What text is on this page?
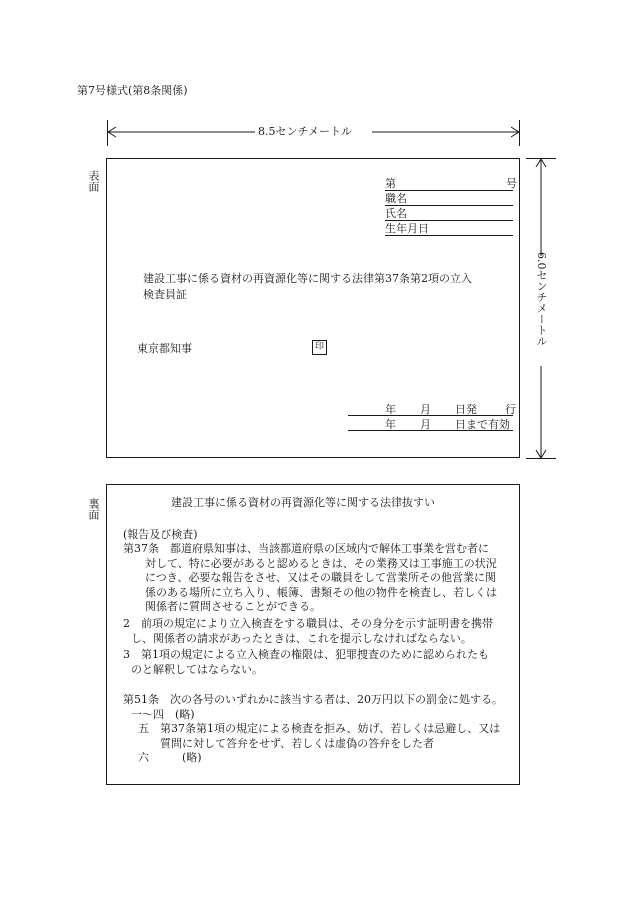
第7号様式(第8条関係)
8.5センチメートル
表面	第	号
職名
氏名
生年月日
建設工事に係る資材の再資源化等に関する法律第37条第2項の立入
検査員証
東京都知事	印
年 月 日発	行
年 月 日まで有効
6.0センチメートル
裏面	建設工事に係る資材の再資源化等に関する法律抜すい
(報告及び検査)
第37条　都道府県知事は、当該都道府県の区域内で解体工事業を営む者に
　対して、特に必要があると認めるときは、その業務又は工事施工の状況
　につき、必要な報告をさせ、又はその職員をして営業所その他営業に関
　係のある場所に立ち入り、帳簿、書類その他の物件を検査し、若しくは
　関係者に質問させることができる。
2　前項の規定により立入検査をする職員は、その身分を示す証明書を携帯
し、関係者の請求があったときは、これを提示しなければならない。
3　第1項の規定による立入検査の権限は、犯罪捜査のために認められたも
のと解釈してはならない。
第51条　次の各号のいずれかに該当する者は、20万円以下の罰金に処する。
一〜四　(略)
五　第37条第1項の規定による検査を拒み、妨げ、若しくは忌避し、又は
質問に対して答弁をせず、若しくは虚偽の答弁をした者
六　　　(略)
